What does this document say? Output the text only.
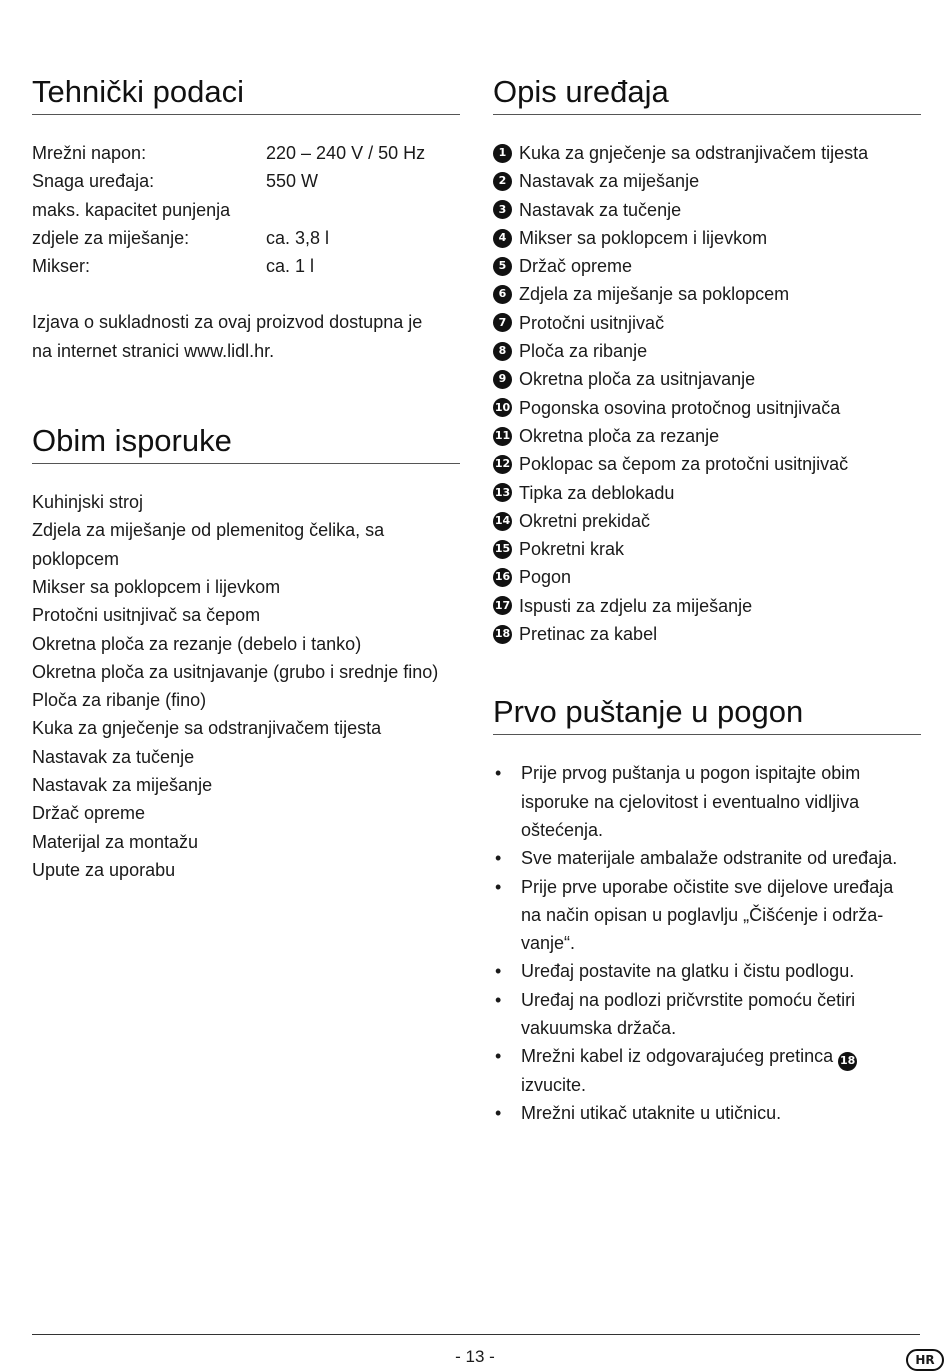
Tehnički podaci
Mrežni napon:	220 – 240 V / 50 Hz
Snaga uređaja:	550 W
maks. kapacitet punjenja
zdjele za miješanje:	ca. 3,8 l
Mikser:	ca. 1 l
Izjava o sukladnosti za ovaj proizvod dostupna je
na internet stranici www.lidl.hr.
Obim isporuke
Kuhinjski stroj
Zdjela za miješanje od plemenitog čelika, sa
poklopcem
Mikser sa poklopcem i lijevkom
Protočni usitnjivač sa čepom
Okretna ploča za rezanje (debelo i tanko)
Okretna ploča za usitnjavanje (grubo i srednje fino)
Ploča za ribanje (fino)
Kuka za gnječenje sa odstranjivačem tijesta
Nastavak za tučenje
Nastavak za miješanje
Držač opreme
Materijal za montažu
Upute za uporabu
Opis uređaja
1 Kuka za gnječenje sa odstranjivačem tijesta
2 Nastavak za miješanje
3 Nastavak za tučenje
4 Mikser sa poklopcem i lijevkom
5 Držač opreme
6 Zdjela za miješanje sa poklopcem
7 Protočni usitnjivač
8 Ploča za ribanje
9 Okretna ploča za usitnjavanje
10 Pogonska osovina protočnog usitnjivača
11 Okretna ploča za rezanje
12 Poklopac sa čepom za protočni usitnjivač
13 Tipka za deblokadu
14 Okretni prekidač
15 Pokretni krak
16 Pogon
17 Ispusti za zdjelu za miješanje
18 Pretinac za kabel
Prvo puštanje u pogon
•	Prije prvog puštanja u pogon ispitajte obim
isporuke na cjelovitost i eventualno vidljiva
oštećenja.
•	Sve materijale ambalaže odstranite od uređaja.
•	Prije prve uporabe očistite sve dijelove uređaja
na način opisan u poglavlju „Čišćenje i održa-
vanje“.
•	Uređaj postavite na glatku i čistu podlogu.
•	Uređaj na podlozi pričvrstite pomoću četiri
vakuumska držača.
•	Mrežni kabel iz odgovarajućeg pretinca 18
izvucite.
•	Mrežni utikač utaknite u utičnicu.
- 13 -	HR
